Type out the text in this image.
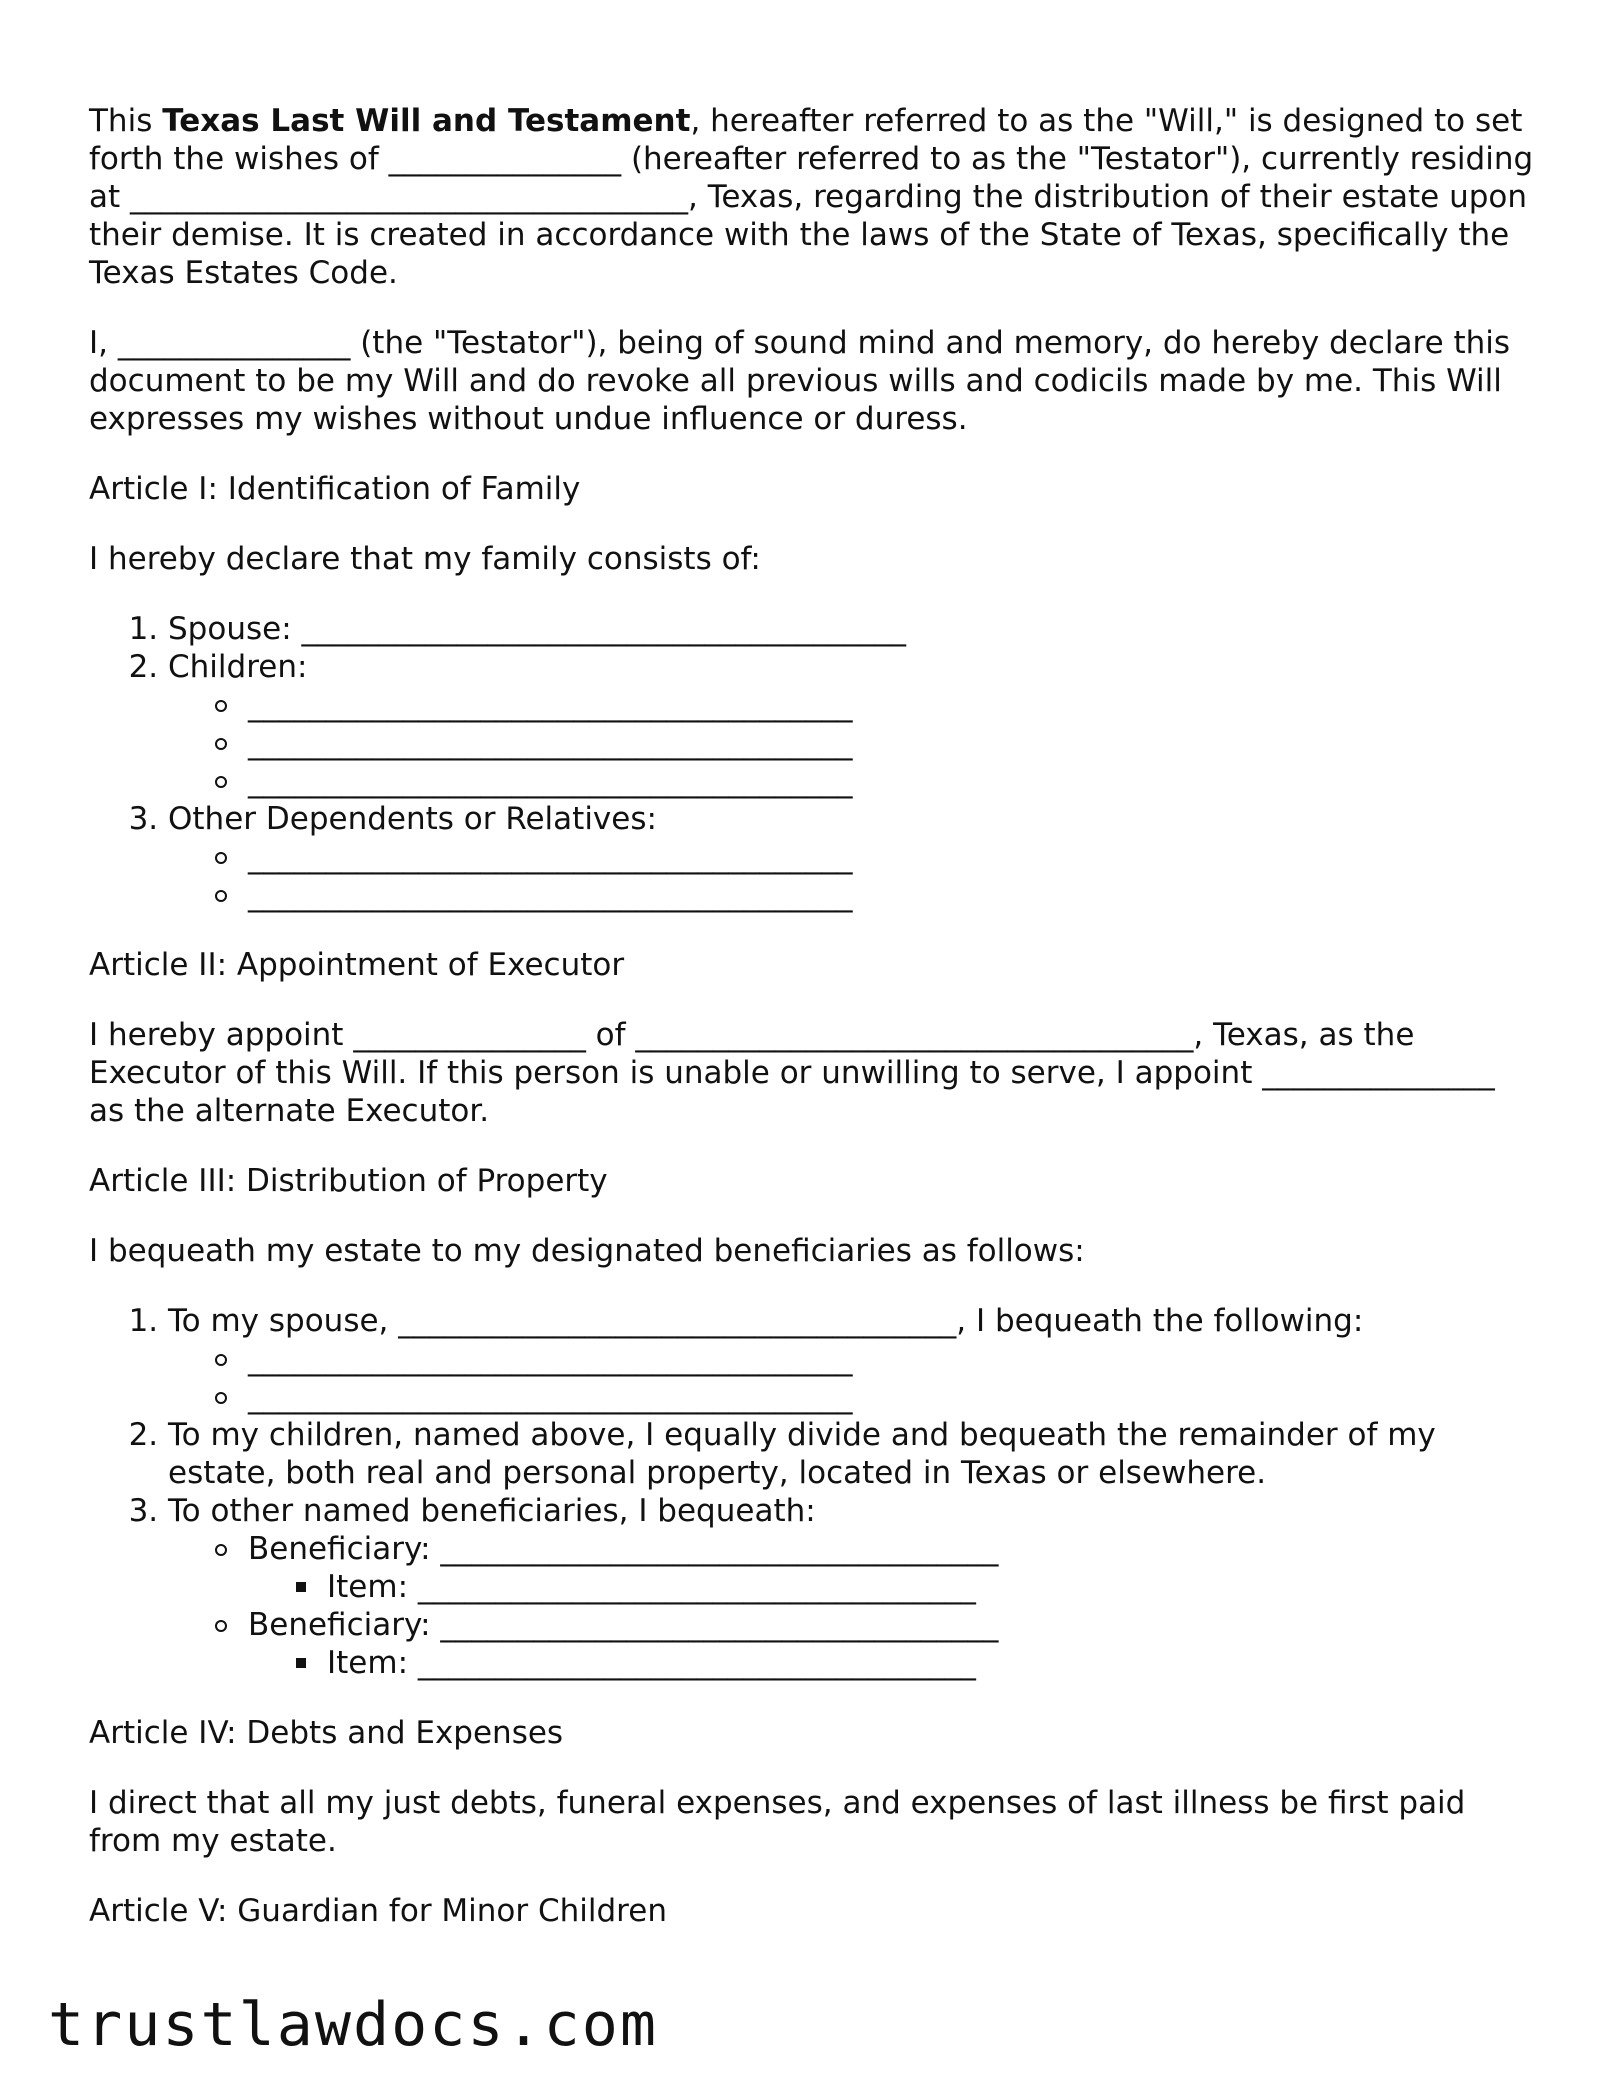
This Texas Last Will and Testament, hereafter referred to as the "Will," is designed to set forth the wishes of _______________ (hereafter referred to as the "Testator"), currently residing at ____________________________________, Texas, regarding the distribution of their estate upon their demise. It is created in accordance with the laws of the State of Texas, specifically the Texas Estates Code.

I, _______________ (the "Testator"), being of sound mind and memory, do hereby declare this document to be my Will and do revoke all previous wills and codicils made by me. This Will expresses my wishes without undue influence or duress.

Article I: Identification of Family

I hereby declare that my family consists of:

1. Spouse: _______________________________________
2. Children:
_______________________________________
_______________________________________
_______________________________________
3. Other Dependents or Relatives:
_______________________________________
_______________________________________
Article II: Appointment of Executor

I hereby appoint _______________ of ____________________________________, Texas, as the Executor of this Will. If this person is unable or unwilling to serve, I appoint _______________ as the alternate Executor.

Article III: Distribution of Property

I bequeath my estate to my designated beneficiaries as follows:

1. To my spouse, ____________________________________, I bequeath the following:
_______________________________________
_______________________________________
2. To my children, named above, I equally divide and bequeath the remainder of my estate, both real and personal property, located in Texas or elsewhere.
3. To other named beneficiaries, I bequeath:
Beneficiary: ____________________________________
Item: ____________________________________
Beneficiary: ____________________________________
Item: ____________________________________
Article IV: Debts and Expenses

I direct that all my just debts, funeral expenses, and expenses of last illness be first paid from my estate.

Article V: Guardian for Minor Children
trustlawdocs.com
